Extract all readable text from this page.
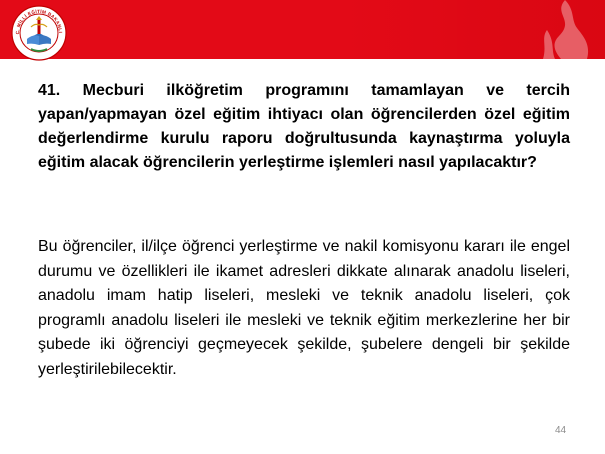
C. MİLLİ EĞİTİM BAKANLI

41. Mecburi ilköğretim programını tamamlayan ve tercih yapan/yapmayan özel eğitim ihtiyacı olan öğrencilerden özel eğitim değerlendirme kurulu raporu doğrultusunda kaynaştırma yoluyla eğitim alacak öğrencilerin yerleştirme işlemleri nasıl yapılacaktır?

Bu öğrenciler, il/ilçe öğrenci yerleştirme ve nakil komisyonu kararı ile engel durumu ve özellikleri ile ikamet adresleri dikkate alınarak anadolu liseleri, anadolu imam hatip liseleri, mesleki ve teknik anadolu liseleri, çok programlı anadolu liseleri ile mesleki ve teknik eğitim merkezlerine her bir şubede iki öğrenciyi geçmeyecek şekilde, şubelere dengeli bir şekilde yerleştirilebilecektir.

44
